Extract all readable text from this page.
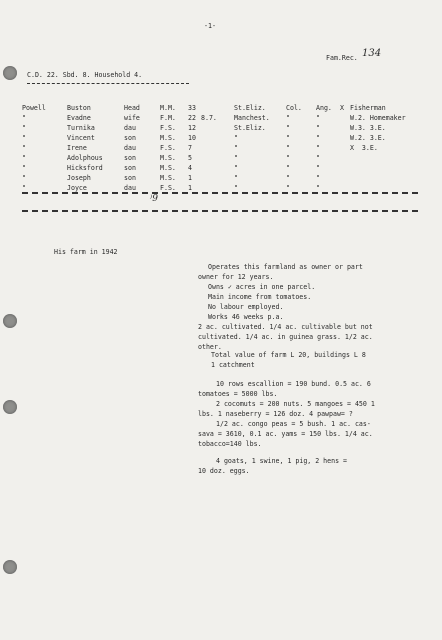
-1-
Fam.Rec. 134
C.D. 22. Sbd. 8. Household 4.
Powell	Buston	Head	M.M. 33	St.Eliz.	Col. Ang. X Fisherman
"	Evadne	wife	F.M. 22 8.7.	Manchest. "	"	W.2. Homemaker
"	Turnika	dau	F.S. 12	St.Eliz.	"	"	W.3. 3.E.
"	Vincent	son	M.S. 10	"	"	"	W.2. 3.E.
"	Irene	dau	F.S. 7	"	"	"	X  3.E.
"	Adolphous	son	M.S. 5	"	"	"
"	Hicksford	son	M.S. 4	"	"	"
"	Joseph	son	M.S. 1	"	"	"
"	Joyce	dau	F.S. 1	"	"	"
⁾9
His farm in 1942
Operates this farmland as owner or part
owner for 12 years.
Owns ✓ acres in one parcel.
Main income from tomatoes.
No labour employed.
Works 46 weeks p.a.
2 ac. cultivated. 1/4 ac. cultivable but not
cultivated. 1/4 ac. in guinea grass. 1/2 ac.
other.
Total value of farm L 20, buildings L 8
1 catchment
10 rows escallion = 190 bund. 0.5 ac. 6
tomatoes = 5000 lbs.
2 cocomuts = 200 nuts. 5 mangoes = 450 1
lbs. 1 naseberry = 126 doz. 4 pawpaw= ?
1/2 ac. congo peas = 5 bush. 1 ac. cas-
sava = 3610, 0.1 ac. yams = 150 lbs. 1/4 ac.
tobacco=140 lbs.
4 goats, 1 swine, 1 pig, 2 hens =
10 doz. eggs.
